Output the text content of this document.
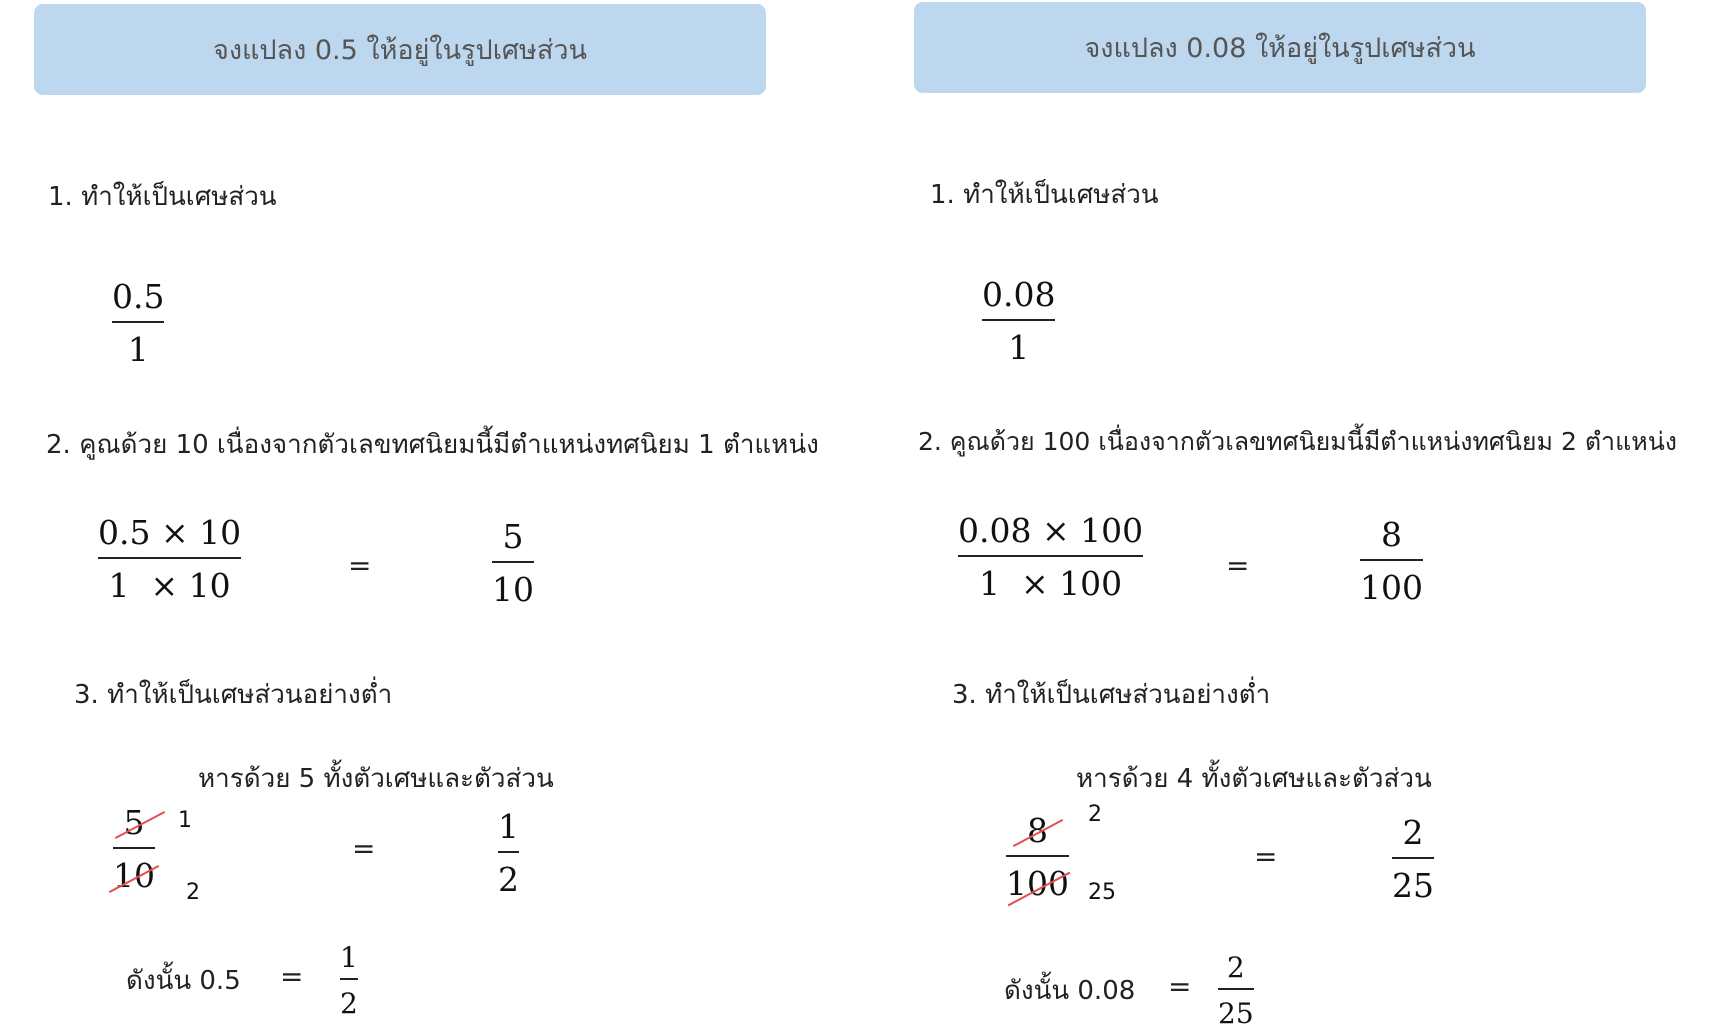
จงแปลง 0.5 ให้อยู่ในรูปเศษส่วน
1. ทำให้เป็นเศษส่วน
0.5
1
2. คูณด้วย 10 เนื่องจากตัวเลขทศนิยมนี้มีตำแหน่งทศนิยม 1 ตำแหน่ง
0.5 × 10
1  × 10
=
5
10
3. ทำให้เป็นเศษส่วนอย่างต่ำ
หารด้วย 5 ทั้งตัวเศษและตัวส่วน
5
10
1
2
=
1
2
ดังนั้น 0.5 =
1
2
จงแปลง 0.08 ให้อยู่ในรูปเศษส่วน
1. ทำให้เป็นเศษส่วน
0.08
1
2. คูณด้วย 100 เนื่องจากตัวเลขทศนิยมนี้มีตำแหน่งทศนิยม 2 ตำแหน่ง
0.08 × 100
1  × 100	=
8
100
3. ทำให้เป็นเศษส่วนอย่างต่ำ
หารด้วย 4 ทั้งตัวเศษและตัวส่วน
8
100
2
25
=
2
25
ดังนั้น 0.08 =
2
25
